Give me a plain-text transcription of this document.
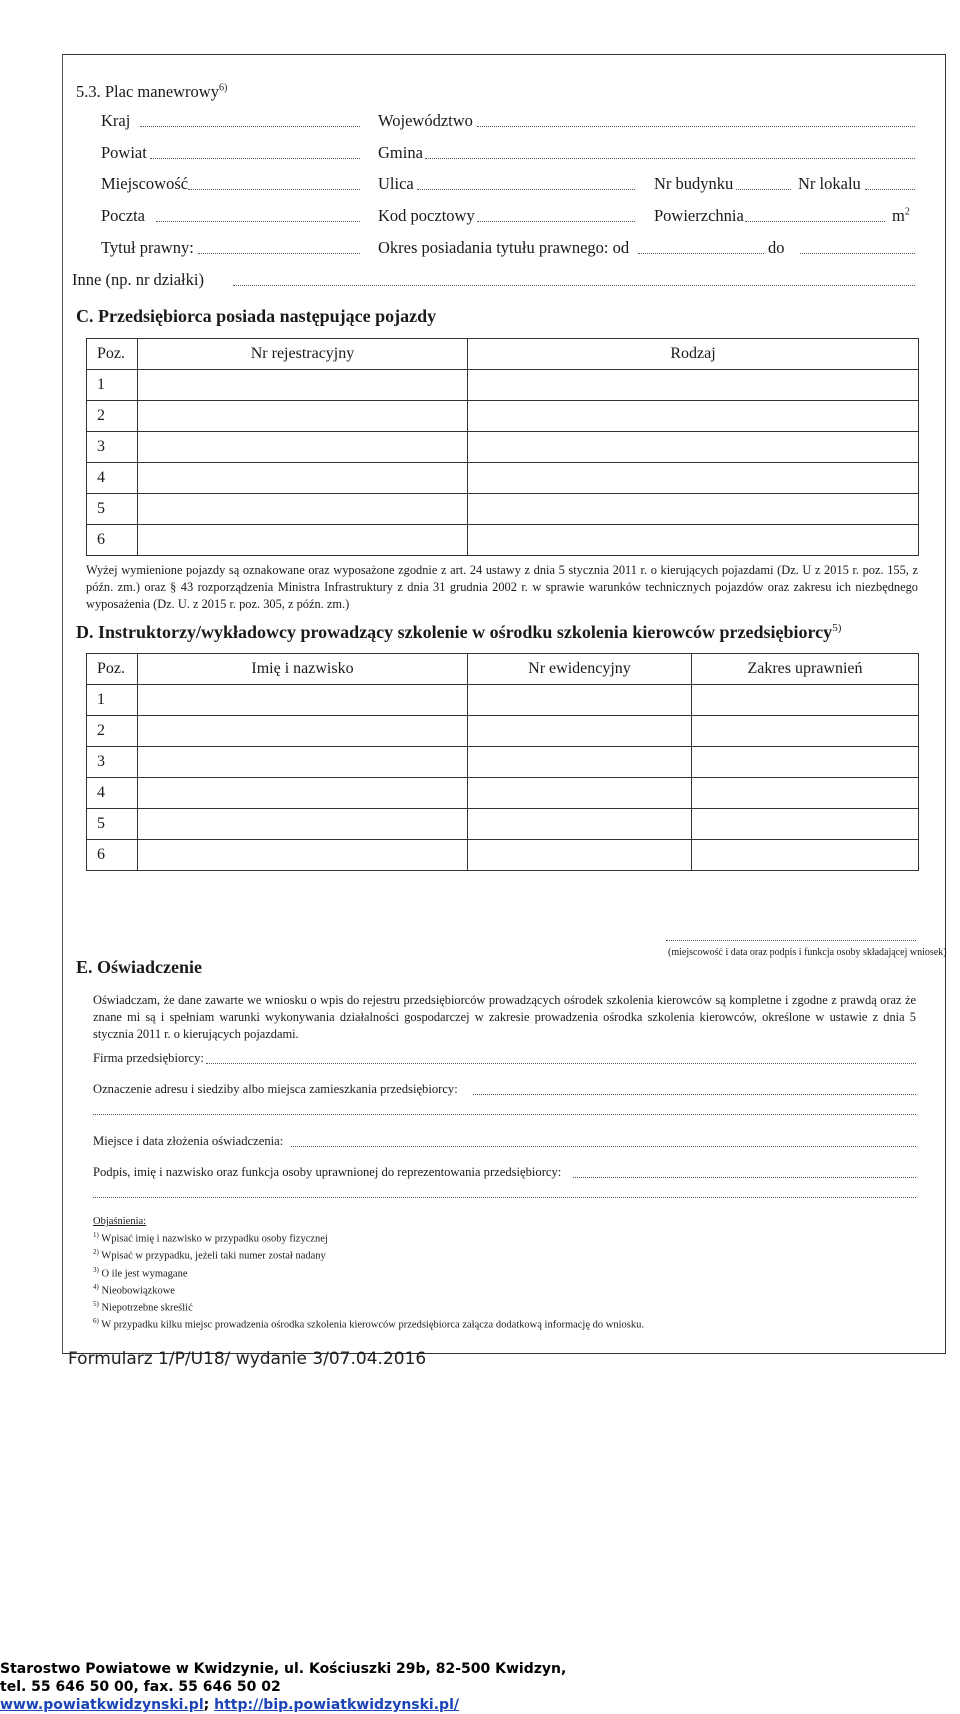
5.3. Plac manewrowy$^{6)}$
Kraj	Województwo
Powiat	Gmina
Miejscowość	Ulica	Nr budynku	Nr lokalu
Poczta	Kod pocztowy	Powierzchnia	$m^2$
Tytuł prawny:	Okres posiadania tytułu prawnego: od	do
Inne (np. nr działki)
C. Przedsiębiorca posiada następujące pojazdy
Poz.	Nr rejestracyjny	Rodzaj
1		
2		
3		
4		
5		
6		
Wyżej wymienione pojazdy są oznakowane oraz wyposażone zgodnie z art. 24 ustawy z dnia 5 stycznia 2011 r. o kierujących pojazdami (Dz. U z 2015 r. poz. 155, z późn. zm.) oraz § 43 rozporządzenia Ministra Infrastruktury z dnia 31 grudnia 2002 r. w sprawie warunków technicznych pojazdów oraz zakresu ich niezbędnego wyposażenia (Dz. U. z 2015 r. poz. 305, z późn. zm.)
D. Instruktorzy/wykładowcy prowadzący szkolenie w ośrodku szkolenia kierowców przedsiębiorcy$^{5)}$
Poz.	Imię i nazwisko	Nr ewidencyjny	Zakres uprawnień
1			
2			
3			
4			
5			
6			
(miejscowość i data oraz podpis i funkcja osoby składającej wniosek)
E. Oświadczenie
Oświadczam, że dane zawarte we wniosku o wpis do rejestru przedsiębiorców prowadzących ośrodek szkolenia kierowców są kompletne i zgodne z prawdą oraz że znane mi są i spełniam warunki wykonywania działalności gospodarczej w zakresie prowadzenia ośrodka szkolenia kierowców, określone w ustawie z dnia 5 stycznia 2011 r. o kierujących pojazdami.
Firma przedsiębiorcy:
Oznaczenie adresu i siedziby albo miejsca zamieszkania przedsiębiorcy:
Miejsce i data złożenia oświadczenia:
Podpis, imię i nazwisko oraz funkcja osoby uprawnionej do reprezentowania przedsiębiorcy:
Objaśnienia:
$^{1)}$ Wpisać imię i nazwisko w przypadku osoby fizycznej
$^{2)}$ Wpisać w przypadku, jeżeli taki numer został nadany
$^{3)}$ O ile jest wymagane
$^{4)}$ Nieobowiązkowe
$^{5)}$ Niepotrzebne skreślić
$^{6)}$ W przypadku kilku miejsc prowadzenia ośrodka szkolenia kierowców przedsiębiorca załącza dodatkową informację do wniosku.
Formularz 1/P/U18/ wydanie 3/07.04.2016
Starostwo Powiatowe w Kwidzynie, ul. Kościuszki 29b, 82-500 Kwidzyn,
tel. 55 646 50 00, fax. 55 646 50 02
www.powiatkwidzynski.pl; http://bip.powiatkwidzynski.pl/
